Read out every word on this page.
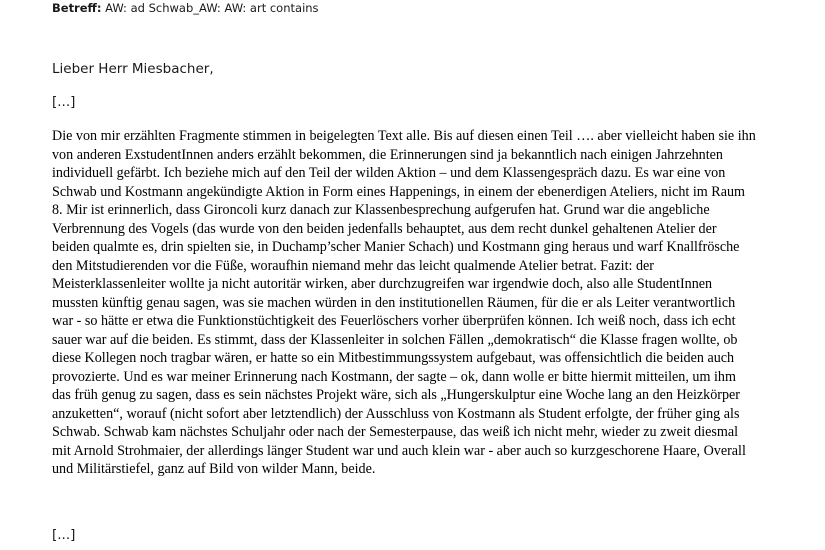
Betreff: AW: ad Schwab_AW: AW: art contains
Lieber Herr Miesbacher,
[...]
Die von mir erzählten Fragmente stimmen in beigelegten Text alle. Bis auf diesen einen Teil …. aber vielleicht haben sie ihn
von anderen ExstudentInnen anders erzählt bekommen, die Erinnerungen sind ja bekanntlich nach einigen Jahrzehnten
individuell gefärbt. Ich beziehe mich auf den Teil der wilden Aktion – und dem Klassengespräch dazu. Es war eine von
Schwab und Kostmann angekündigte Aktion in Form eines Happenings, in einem der ebenerdigen Ateliers, nicht im Raum
8. Mir ist erinnerlich, dass Gironcoli kurz danach zur Klassenbesprechung aufgerufen hat. Grund war die angebliche
Verbrennung des Vogels (das wurde von den beiden jedenfalls behauptet, aus dem recht dunkel gehaltenen Atelier der
beiden qualmte es, drin spielten sie, in Duchamp’scher Manier Schach) und Kostmann ging heraus und warf Knallfrösche
den Mitstudierenden vor die Füße, woraufhin niemand mehr das leicht qualmende Atelier betrat. Fazit: der
Meisterklassenleiter wollte ja nicht autoritär wirken, aber durchzugreifen war irgendwie doch, also alle StudentInnen
mussten künftig genau sagen, was sie machen würden in den institutionellen Räumen, für die er als Leiter verantwortlich
war - so hätte er etwa die Funktionstüchtigkeit des Feuerlöschers vorher überprüfen können. Ich weiß noch, dass ich echt
sauer war auf die beiden. Es stimmt, dass der Klassenleiter in solchen Fällen „demokratisch“ die Klasse fragen wollte, ob
diese Kollegen noch tragbar wären, er hatte so ein Mitbestimmungssystem aufgebaut, was offensichtlich die beiden auch
provozierte. Und es war meiner Erinnerung nach Kostmann, der sagte – ok, dann wolle er bitte hiermit mitteilen, um ihm
das früh genug zu sagen, dass es sein nächstes Projekt wäre, sich als „Hungerskulptur eine Woche lang an den Heizkörper
anzuketten“, worauf (nicht sofort aber letztendlich) der Ausschluss von Kostmann als Student erfolgte, der früher ging als
Schwab. Schwab kam nächstes Schuljahr oder nach der Semesterpause, das weiß ich nicht mehr, wieder zu zweit diesmal
mit Arnold Strohmaier, der allerdings länger Student war und auch klein war - aber auch so kurzgeschorene Haare, Overall
und Militärstiefel, ganz auf Bild von wilder Mann, beide.
[...]
